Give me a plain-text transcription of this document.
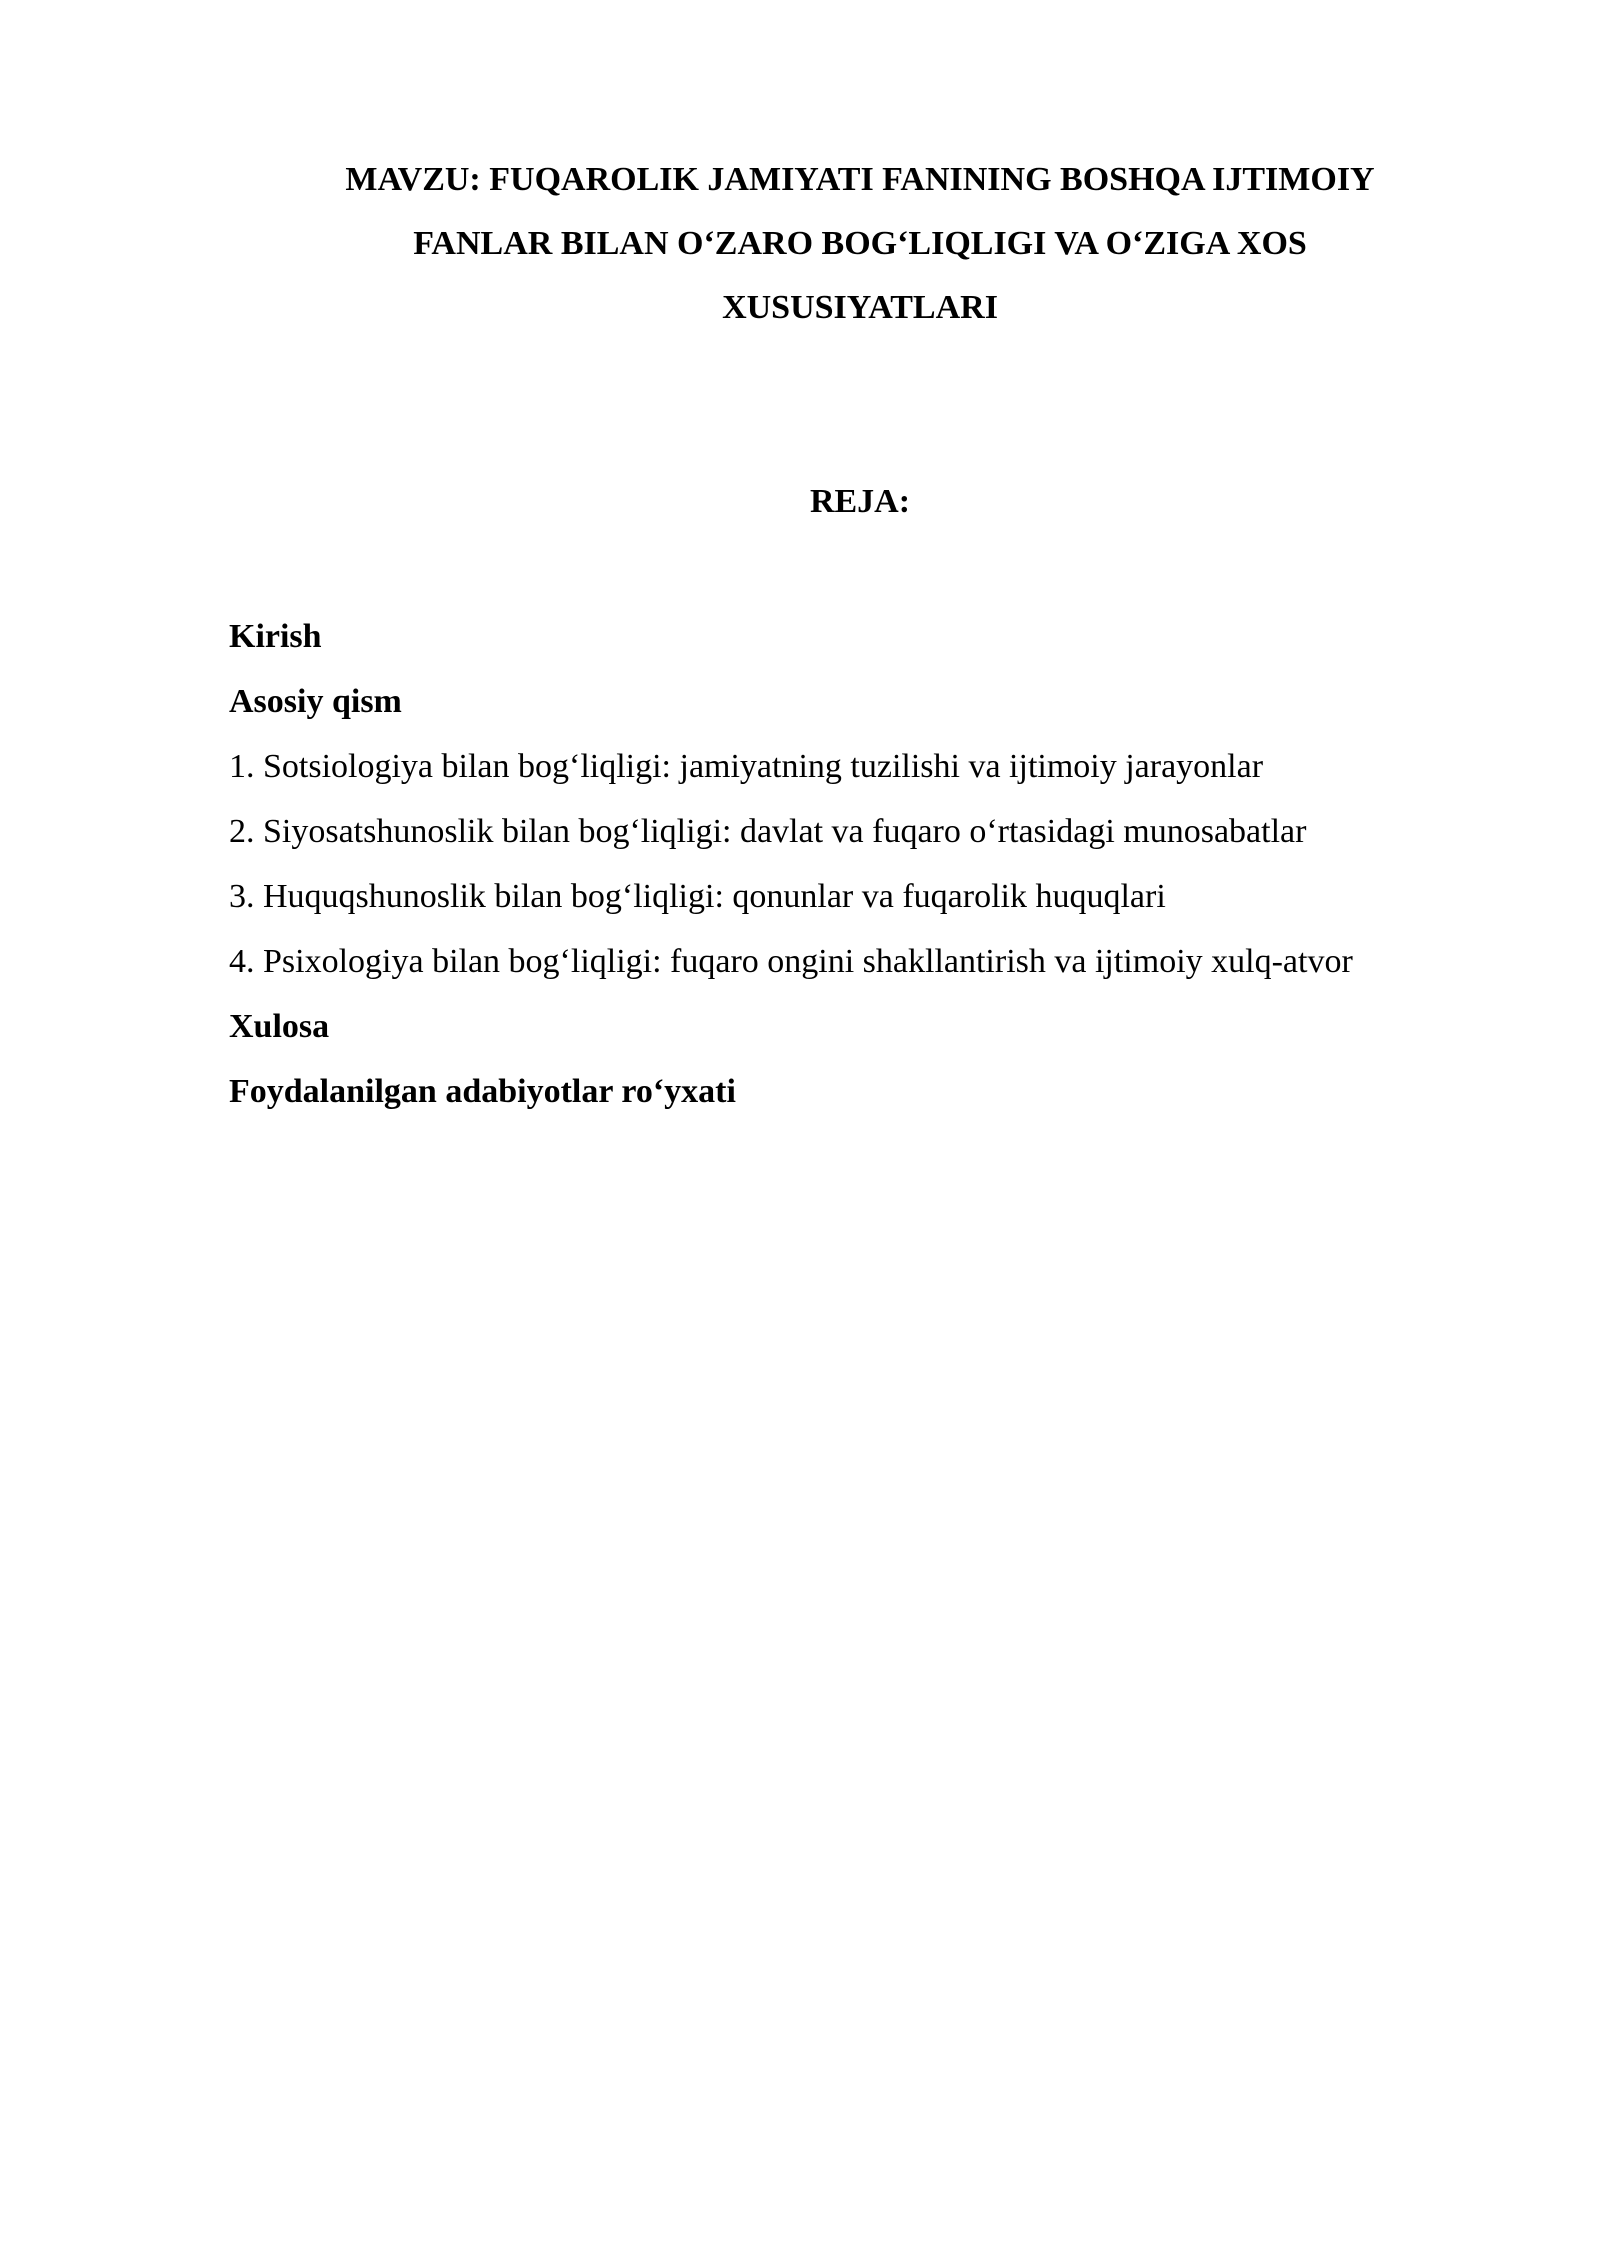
MAVZU: FUQAROLIK JAMIYATI FANINING BOSHQA IJTIMOIY
FANLAR BILAN O‘ZARO BOG‘LIQLIGI VA O‘ZIGA XOS
XUSUSIYATLARI
REJA:
Kirish
Asosiy qism
1. Sotsiologiya bilan bog‘liqligi: jamiyatning tuzilishi va ijtimoiy jarayonlar
2. Siyosatshunoslik bilan bog‘liqligi: davlat va fuqaro o‘rtasidagi munosabatlar
3. Huquqshunoslik bilan bog‘liqligi: qonunlar va fuqarolik huquqlari
4. Psixologiya bilan bog‘liqligi: fuqaro ongini shakllantirish va ijtimoiy xulq-atvor
Xulosa
Foydalanilgan adabiyotlar ro‘yxati
